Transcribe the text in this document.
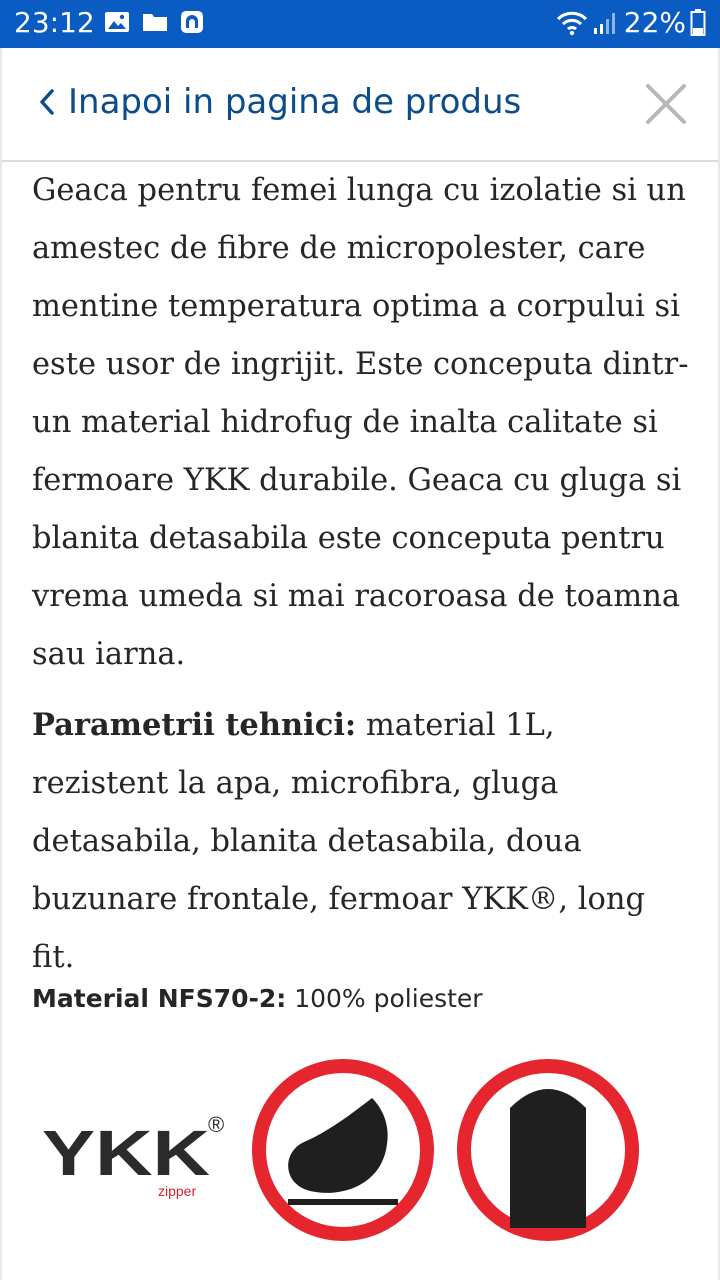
23:12	22%
Inapoi in pagina de produs

Geaca pentru femei lunga cu izolatie si un amestec de fibre de micropolester, care mentine temperatura optima a corpului si este usor de ingrijit. Este conceputa dintr-un material hidrofug de inalta calitate si fermoare YKK durabile. Geaca cu gluga si blanita detasabila este conceputa pentru vrema umeda si mai racoroasa de toamna sau iarna.

Parametrii tehnici: material 1L, rezistent la apa, microfibra, gluga detasabila, blanita detasabila, doua buzunare frontale, fermoar YKK®, long fit.

Material NFS70-2: 100% poliester
YKK
®
zipper
